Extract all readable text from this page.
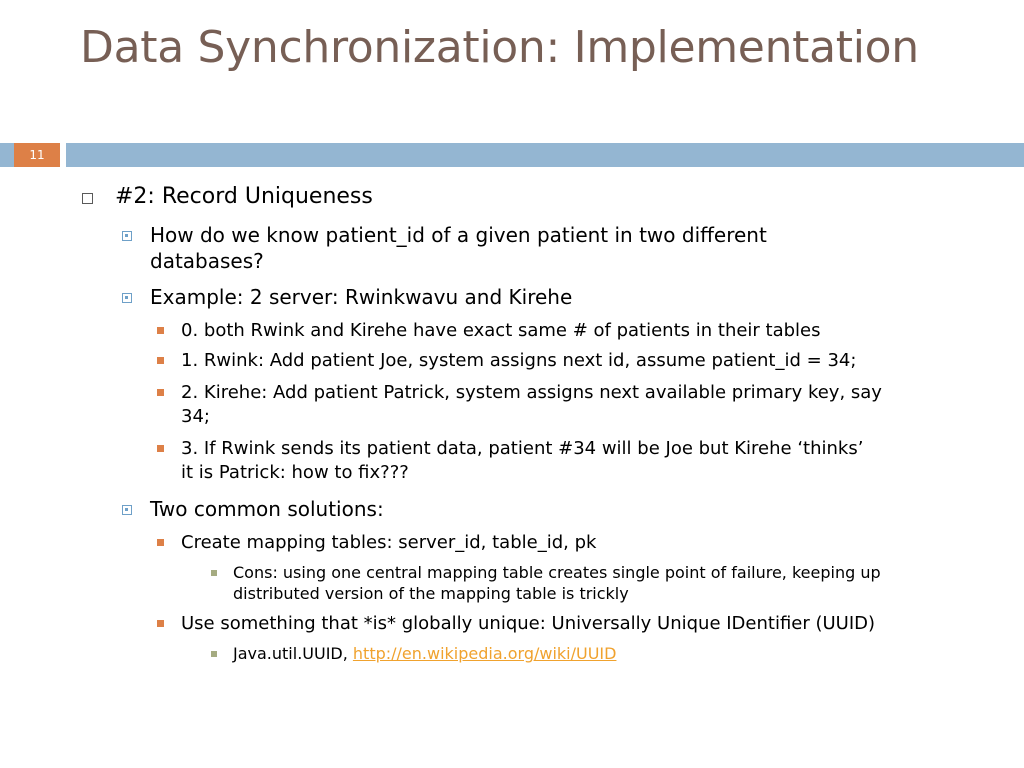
Data Synchronization: Implementation
11
#2: Record Uniqueness
How do we know patient_id of a given patient in two different
databases?
Example: 2 server: Rwinkwavu and Kirehe
0. both Rwink and Kirehe have exact same # of patients in their tables
1. Rwink: Add patient Joe, system assigns next id, assume patient_id = 34;
2. Kirehe: Add patient Patrick, system assigns next available primary key, say
34;
3. If Rwink sends its patient data, patient #34 will be Joe but Kirehe ‘thinks’
it is Patrick: how to fix???
Two common solutions:
Create mapping tables: server_id, table_id, pk
Cons: using one central mapping table creates single point of failure, keeping up
distributed version of the mapping table is trickly
Use something that *is* globally unique: Universally Unique IDentifier (UUID)
Java.util.UUID, http://en.wikipedia.org/wiki/UUID
